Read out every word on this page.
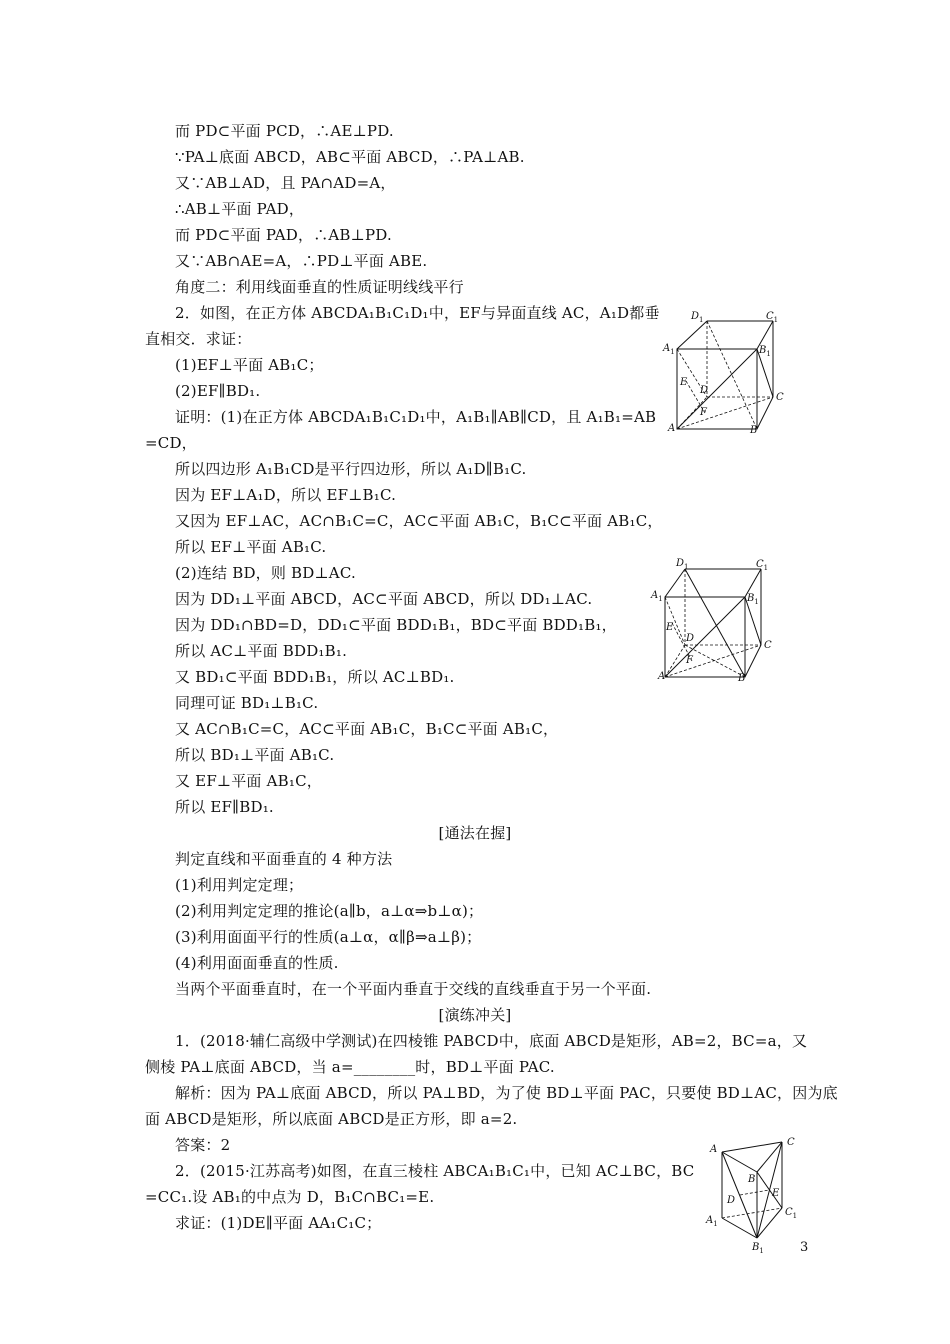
而 PD⊂平面 PCD，∴AE⊥PD.
∵PA⊥底面 ABCD，AB⊂平面 ABCD，∴PA⊥AB.
又∵AB⊥AD，且 PA∩AD=A，
∴AB⊥平面 PAD，
而 PD⊂平面 PAD，∴AB⊥PD.
又∵AB∩AE=A，∴PD⊥平面 ABE.
角度二：利用线面垂直的性质证明线线平行
2．如图，在正方体 ABCDA₁B₁C₁D₁中，EF与异面直线 AC，A₁D都垂
直相交．求证：
(1)EF⊥平面 AB₁C；
(2)EF∥BD₁.
证明：(1)在正方体 ABCDA₁B₁C₁D₁中，A₁B₁∥AB∥CD，且 A₁B₁=AB
=CD，
所以四边形 A₁B₁CD是平行四边形，所以 A₁D∥B₁C.
因为 EF⊥A₁D，所以 EF⊥B₁C.
又因为 EF⊥AC，AC∩B₁C=C，AC⊂平面 AB₁C，B₁C⊂平面 AB₁C，
所以 EF⊥平面 AB₁C.
(2)连结 BD，则 BD⊥AC.
因为 DD₁⊥平面 ABCD，AC⊂平面 ABCD，所以 DD₁⊥AC.
因为 DD₁∩BD=D，DD₁⊂平面 BDD₁B₁，BD⊂平面 BDD₁B₁，
所以 AC⊥平面 BDD₁B₁.
又 BD₁⊂平面 BDD₁B₁，所以 AC⊥BD₁.
同理可证 BD₁⊥B₁C.
又 AC∩B₁C=C，AC⊂平面 AB₁C，B₁C⊂平面 AB₁C，
所以 BD₁⊥平面 AB₁C.
又 EF⊥平面 AB₁C，
所以 EF∥BD₁.
[通法在握]
判定直线和平面垂直的 4 种方法
(1)利用判定定理；
(2)利用判定定理的推论(a∥b，a⊥α⇒b⊥α)；
(3)利用面面平行的性质(a⊥α，α∥β⇒a⊥β)；
(4)利用面面垂直的性质.
当两个平面垂直时，在一个平面内垂直于交线的直线垂直于另一个平面.
[演练冲关]
1．(2018·辅仁高级中学测试)在四棱锥 PABCD中，底面 ABCD是矩形，AB=2，BC=a，又
侧棱 PA⊥底面 ABCD，当 a=________时，BD⊥平面 PAC.
解析：因为 PA⊥底面 ABCD，所以 PA⊥BD，为了使 BD⊥平面 PAC，只要使 BD⊥AC，因为底
面 ABCD是矩形，所以底面 ABCD是正方形，即 a=2.
答案：2
2．(2015·江苏高考)如图，在直三棱柱 ABCA₁B₁C₁中，已知 AC⊥BC，BC
=CC₁.设 AB₁的中点为 D，B₁C∩BC₁=E.
求证：(1)DE∥平面 AA₁C₁C；
$D_1$	$C_1$
$A_1$	$B_1$
E
D
C
F
A	B
$D_1$	$C_1$
$A_1$	$B_1$
E
D
C
F
A	B
A
C
B
D
E
$A_1$
$C_1$
$B_1$	3
